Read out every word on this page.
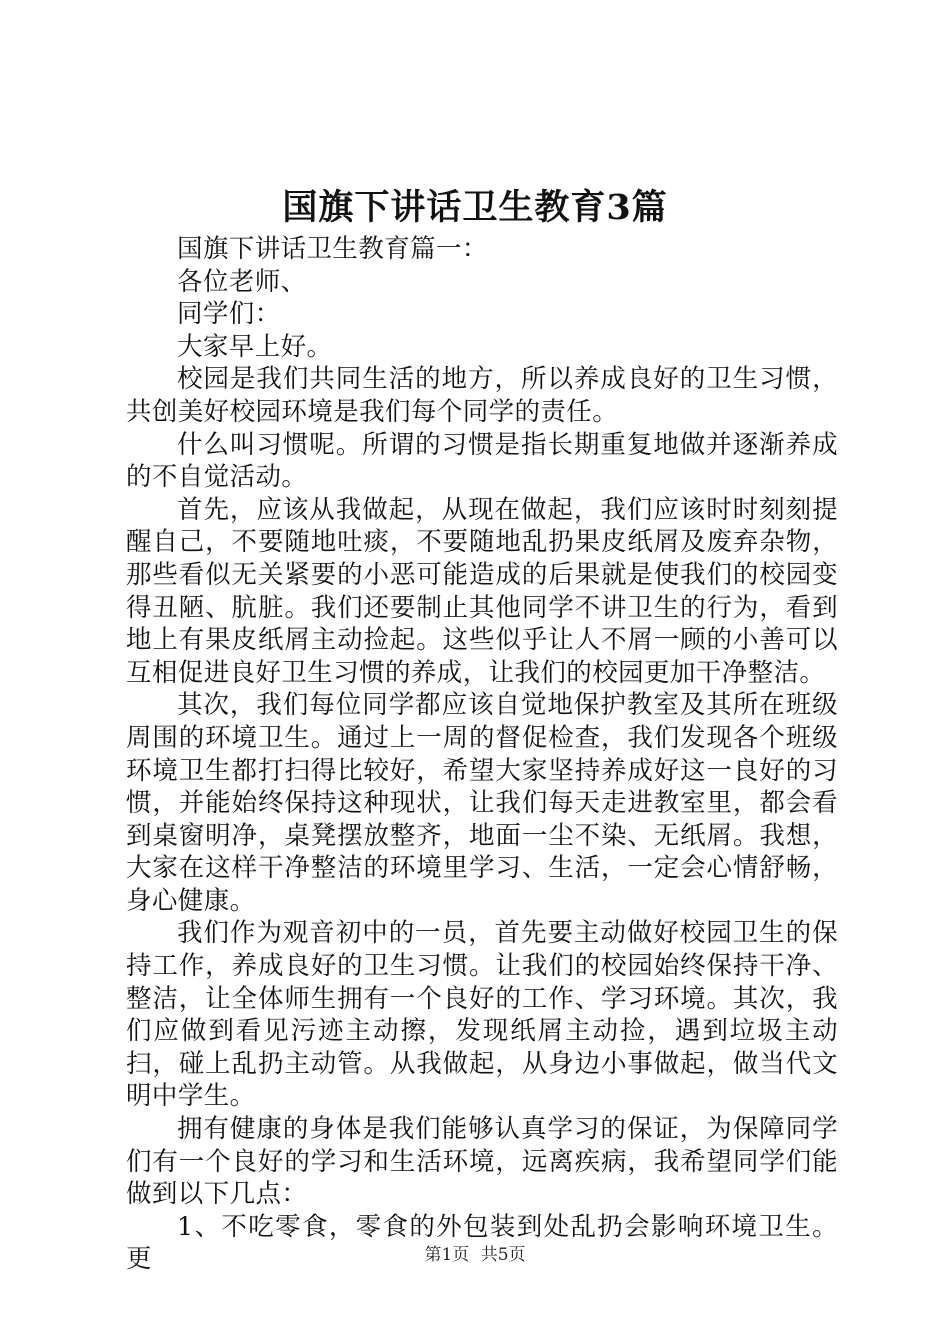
国旗下讲话卫生教育3篇

国旗下讲话卫生教育篇一：

各位老师、

同学们：

大家早上好。

校园是我们共同生活的地方，所以养成良好的卫生习惯，共创美好校园环境是我们每个同学的责任。

什么叫习惯呢。所谓的习惯是指长期重复地做并逐渐养成的不自觉活动。

首先，应该从我做起，从现在做起，我们应该时时刻刻提醒自己，不要随地吐痰，不要随地乱扔果皮纸屑及废弃杂物，那些看似无关紧要的小恶可能造成的后果就是使我们的校园变得丑陋、肮脏。我们还要制止其他同学不讲卫生的行为，看到地上有果皮纸屑主动捡起。这些似乎让人不屑一顾的小善可以互相促进良好卫生习惯的养成，让我们的校园更加干净整洁。

其次，我们每位同学都应该自觉地保护教室及其所在班级周围的环境卫生。通过上一周的督促检查，我们发现各个班级环境卫生都打扫得比较好，希望大家坚持养成好这一良好的习惯，并能始终保持这种现状，让我们每天走进教室里，都会看到桌窗明净，桌凳摆放整齐，地面一尘不染、无纸屑。我想，大家在这样干净整洁的环境里学习、生活，一定会心情舒畅，身心健康。

我们作为观音初中的一员，首先要主动做好校园卫生的保持工作，养成良好的卫生习惯。让我们的校园始终保持干净、整洁，让全体师生拥有一个良好的工作、学习环境。其次，我们应做到看见污迹主动擦，发现纸屑主动捡，遇到垃圾主动扫，碰上乱扔主动管。从我做起，从身边小事做起，做当代文明中学生。

拥有健康的身体是我们能够认真学习的保证，为保障同学们有一个良好的学习和生活环境，远离疾病，我希望同学们能做到以下几点：

1、不吃零食，零食的外包装到处乱扔会影响环境卫生。更	第1页 共5页
